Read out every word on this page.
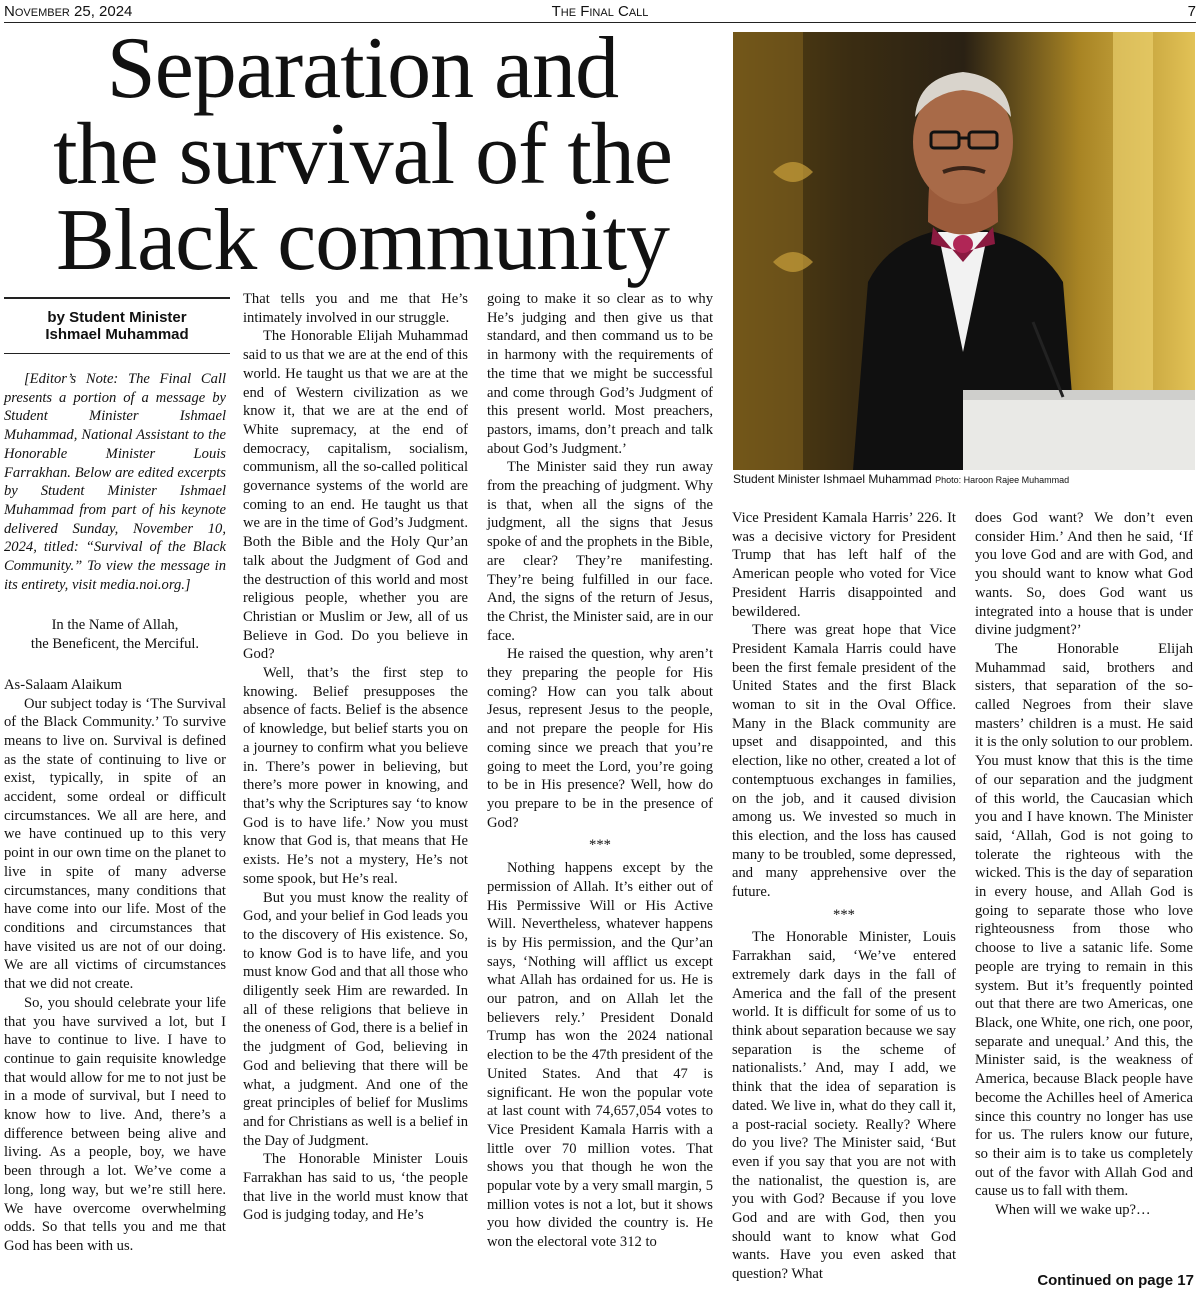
November 25, 2024	The Final Call	7
Separation and
the survival of the
Black community
Student Minister Ishmael Muhammad Photo: Haroon Rajee Muhammad
by Student Minister
Ishmael Muhammad

[Editor’s Note: The Final Call presents a portion of a message by Student Minister Ishmael Muhammad, National Assistant to the Honorable Minister Louis Farrakhan. Below are edited excerpts by Student Minister Ishmael Muhammad from part of his keynote delivered Sunday, November 10, 2024, titled: “Survival of the Black Community.” To view the message in its entirety, visit media.noi.org.]

In the Name of Allah,

the Beneficent, the Merciful.

As-Salaam Alaikum

Our subject today is ‘The Survival of the Black Community.’ To survive means to live on. Survival is defined as the state of continuing to live or exist, typically, in spite of an accident, some ordeal or difficult circumstances. We all are here, and we have continued up to this very point in our own time on the planet to live in spite of many adverse circumstances, many conditions that have come into our life. Most of the conditions and circumstances that have visited us are not of our doing. We are all victims of circumstances that we did not create.

So, you should celebrate your life that you have survived a lot, but I have to continue to live. I have to continue to gain requisite knowledge that would allow for me to not just be in a mode of survival, but I need to know how to live. And, there’s a difference between being alive and living. As a people, boy, we have been through a lot. We’ve come a long, long way, but we’re still here. We have overcome overwhelming odds. So that tells you and me that God has been with us.

That tells you and me that He’s intimately involved in our struggle.

The Honorable Elijah Muhammad said to us that we are at the end of this world. He taught us that we are at the end of Western civilization as we know it, that we are at the end of White supremacy, at the end of democracy, capitalism, socialism, communism, all the so-called political governance systems of the world are coming to an end. He taught us that we are in the time of God’s Judgment. Both the Bible and the Holy Qur’an talk about the Judgment of God and the destruction of this world and most religious people, whether you are Christian or Muslim or Jew, all of us Believe in God. Do you believe in God?

Well, that’s the first step to knowing. Belief presupposes the absence of facts. Belief is the absence of knowledge, but belief starts you on a journey to confirm what you believe in. There’s power in believing, but there’s more power in knowing, and that’s why the Scriptures say ‘to know God is to have life.’ Now you must know that God is, that means that He exists. He’s not a mystery, He’s not some spook, but He’s real.

But you must know the reality of God, and your belief in God leads you to the discovery of His existence. So, to know God is to have life, and you must know God and that all those who diligently seek Him are rewarded. In all of these religions that believe in the oneness of God, there is a belief in the judgment of God, believing in God and believing that there will be what, a judgment. And one of the great principles of belief for Muslims and for Christians as well is a belief in the Day of Judgment.

The Honorable Minister Louis Farrakhan has said to us, ‘the people that live in the world must know that God is judging today, and He’s

going to make it so clear as to why He’s judging and then give us that standard, and then command us to be in harmony with the requirements of the time that we might be successful and come through God’s Judgment of this present world. Most preachers, pastors, imams, don’t preach and talk about God’s Judgment.’

The Minister said they run away from the preaching of judgment. Why is that, when all the signs of the judgment, all the signs that Jesus spoke of and the prophets in the Bible, are clear? They’re manifesting. They’re being fulfilled in our face. And, the signs of the return of Jesus, the Christ, the Minister said, are in our face.

He raised the question, why aren’t they preparing the people for His coming? How can you talk about Jesus, represent Jesus to the people, and not prepare the people for His coming since we preach that you’re going to meet the Lord, you’re going to be in His presence? Well, how do you prepare to be in the presence of God?

***

Nothing happens except by the permission of Allah. It’s either out of His Permissive Will or His Active Will. Nevertheless, whatever happens is by His permission, and the Qur’an says, ‘Nothing will afflict us except what Allah has ordained for us. He is our patron, and on Allah let the believers rely.’ President Donald Trump has won the 2024 national election to be the 47th president of the United States. And that 47 is significant. He won the popular vote at last count with 74,657,054 votes to Vice President Kamala Harris with a little over 70 million votes. That shows you that though he won the popular vote by a very small margin, 5 million votes is not a lot, but it shows you how divided the country is. He won the electoral vote 312 to

Vice President Kamala Harris’ 226. It was a decisive victory for President Trump that has left half of the American people who voted for Vice President Harris disappointed and bewildered.

There was great hope that Vice President Kamala Harris could have been the first female president of the United States and the first Black woman to sit in the Oval Office. Many in the Black community are upset and disappointed, and this election, like no other, created a lot of contemptuous exchanges in families, on the job, and it caused division among us. We invested so much in this election, and the loss has caused many to be troubled, some depressed, and many apprehensive over the future.

***

The Honorable Minister, Louis Farrakhan said, ‘We’ve entered extremely dark days in the fall of America and the fall of the present world. It is difficult for some of us to think about separation because we say separation is the scheme of nationalists.’ And, may I add, we think that the idea of separation is dated. We live in, what do they call it, a post-racial society. Really? Where do you live? The Minister said, ‘But even if you say that you are not with the nationalist, the question is, are you with God? Because if you love God and are with God, then you should want to know what God wants. Have you even asked that question? What

does God want? We don’t even consider Him.’ And then he said, ‘If you love God and are with God, and you should want to know what God wants. So, does God want us integrated into a house that is under divine judgment?’

The Honorable Elijah Muhammad said, brothers and sisters, that separation of the so-called Negroes from their slave masters’ children is a must. He said it is the only solution to our problem. You must know that this is the time of our separation and the judgment of this world, the Caucasian which you and I have known. The Minister said, ‘Allah, God is not going to tolerate the righteous with the wicked. This is the day of separation in every house, and Allah God is going to separate those who love righteousness from those who choose to live a satanic life. Some people are trying to remain in this system. But it’s frequently pointed out that there are two Americas, one Black, one White, one rich, one poor, separate and unequal.’ And this, the Minister said, is the weakness of America, because Black people have become the Achilles heel of America since this country no longer has use for us. The rulers know our future, so their aim is to take us completely out of the favor with Allah God and cause us to fall with them.

When will we wake up?…

Continued on page 17
